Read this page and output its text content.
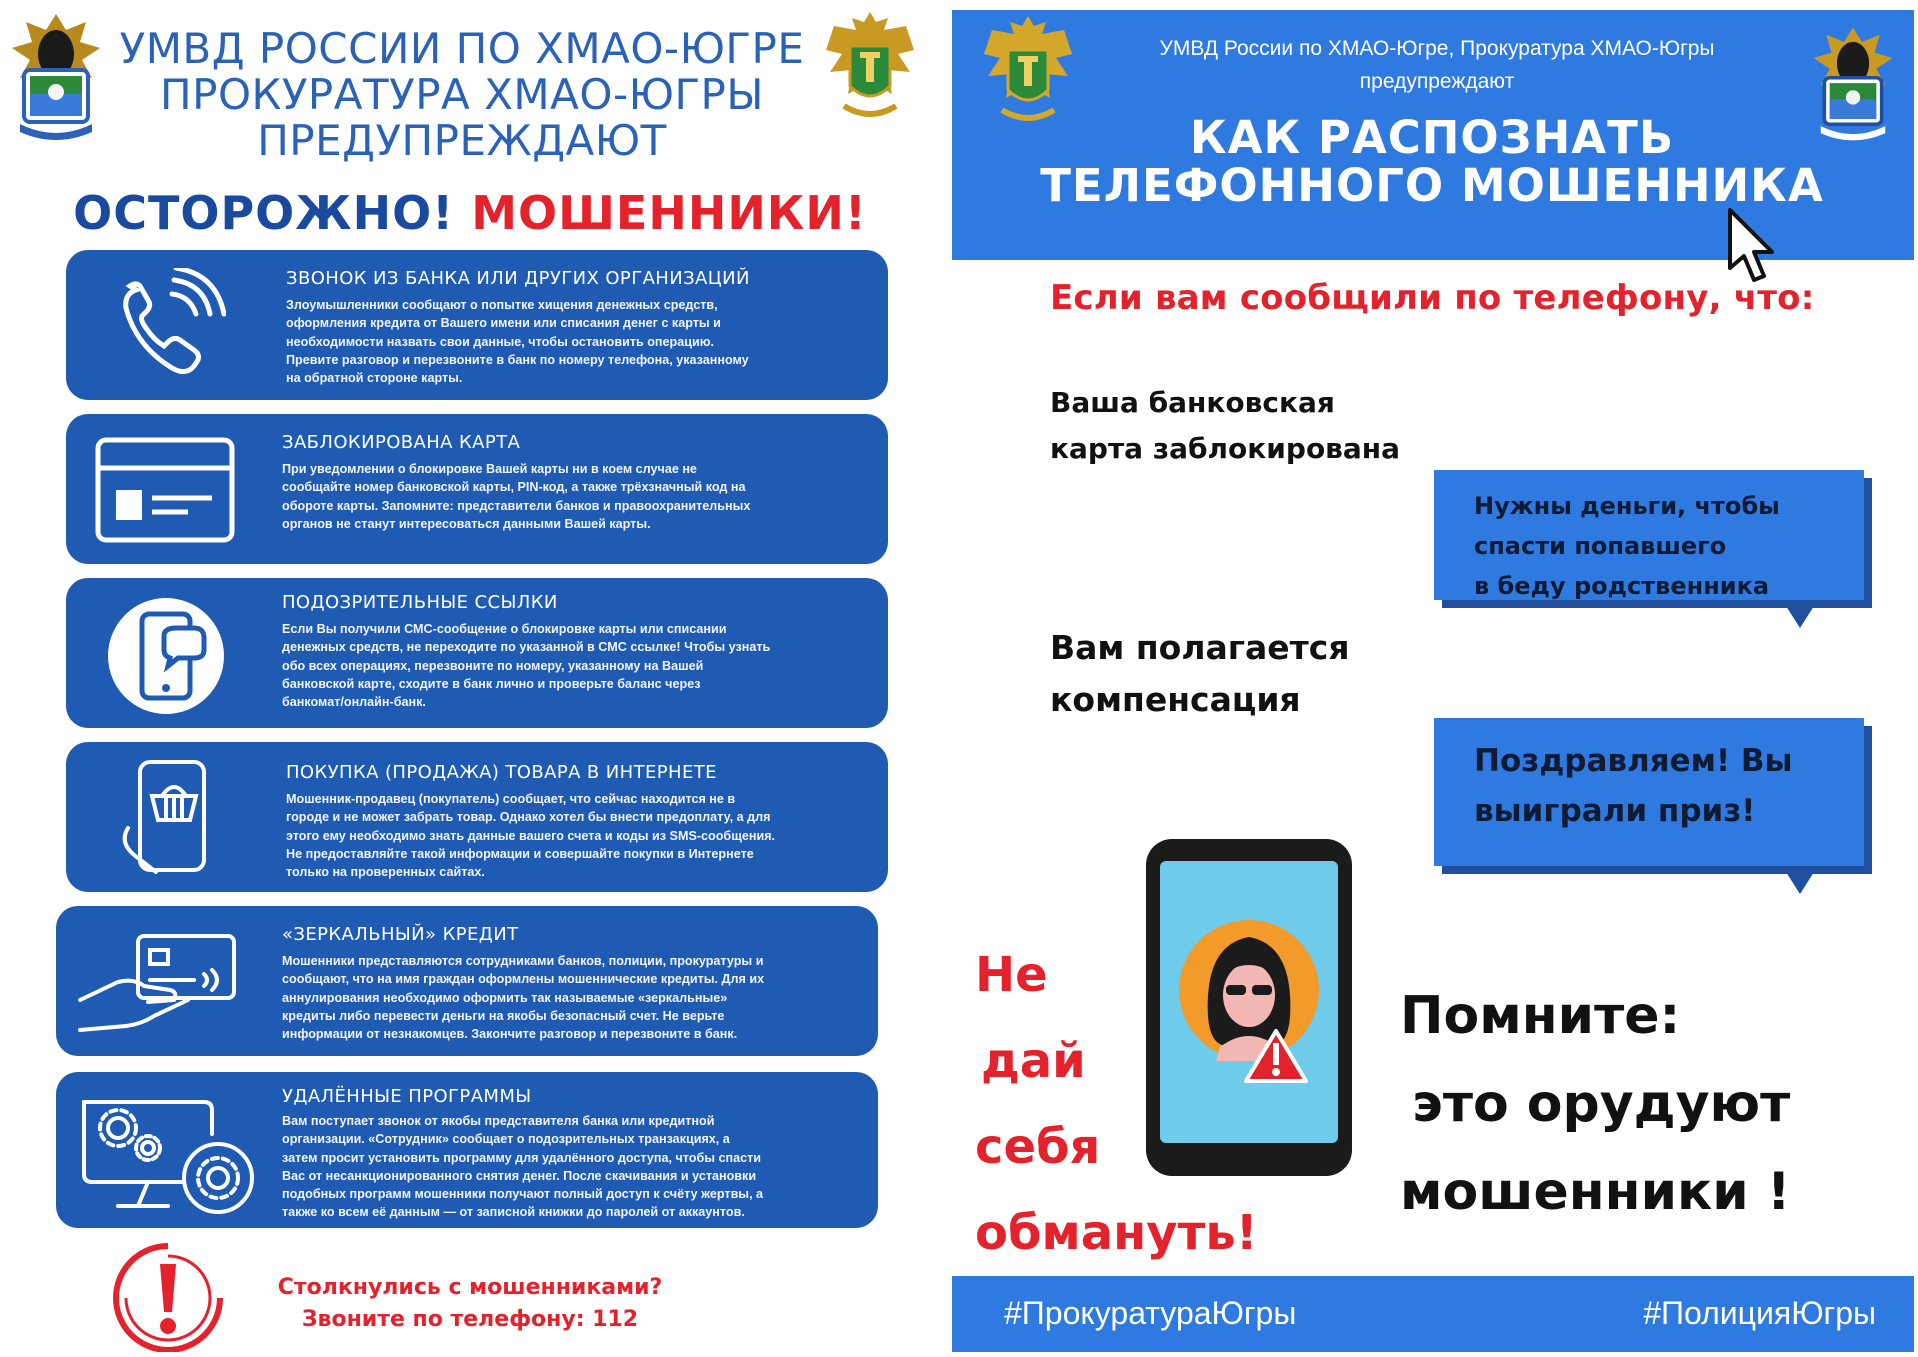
УМВД РОССИИ ПО ХМАО-ЮГРЕ
ПРОКУРАТУРА ХМАО-ЮГРЫ
ПРЕДУПРЕЖДАЮТ
ОСТОРОЖНО! МОШЕННИКИ!
ЗВОНОК ИЗ БАНКА ИЛИ ДРУГИХ ОРГАНИЗАЦИЙ
Злоумышленники сообщают о попытке хищения денежных средств,
оформления кредита от Вашего имени или списания денег с карты и
необходимости назвать свои данные, чтобы остановить операцию.
Превите разговор и перезвоните в банк по номеру телефона, указанному
на обратной стороне карты.
ЗАБЛОКИРОВАНА КАРТА
При уведомлении о блокировке Вашей карты ни в коем случае не
сообщайте номер банковской карты, PIN-код, а также трёхзначный код на
обороте карты. Запомните: представители банков и правоохранительных
органов не станут интересоваться данными Вашей карты.
ПОДОЗРИТЕЛЬНЫЕ ССЫЛКИ
Если Вы получили СМС-сообщение о блокировке карты или списании
денежных средств, не переходите по указанной в СМС ссылке! Чтобы узнать
обо всех операциях, перезвоните по номеру, указанному на Вашей
банковской карте, сходите в банк лично и проверьте баланс через
банкомат/онлайн-банк.
ПОКУПКА (ПРОДАЖА) ТОВАРА В ИНТЕРНЕТЕ
Мошенник-продавец (покупатель) сообщает, что сейчас находится не в
городе и не может забрать товар. Однако хотел бы внести предоплату, а для
этого ему необходимо знать данные вашего счета и коды из SMS-сообщения.
Не предоставляйте такой информации и совершайте покупки в Интернете
только на проверенных сайтах.
«ЗЕРКАЛЬНЫЙ» КРЕДИТ
Мошенники представляются сотрудниками банков, полиции, прокуратуры и
сообщают, что на имя граждан оформлены мошеннические кредиты. Для их
аннулирования необходимо оформить так называемые «зеркальные»
кредиты либо перевести деньги на якобы безопасный счет. Не верьте
информации от незнакомцев. Закончите разговор и перезвоните в банк.
УДАЛЁННЫЕ ПРОГРАММЫ
Вам поступает звонок от якобы представителя банка или кредитной
организации. «Сотрудник» сообщает о подозрительных транзакциях, а
затем просит установить программу для удалённого доступа, чтобы спасти
Вас от несанкционированного снятия денег. После скачивания и установки
подобных программ мошенники получают полный доступ к счёту жертвы, а
также ко всем её данным — от записной книжки до паролей от аккаунтов.
Столкнулись с мошенниками?
Звоните по телефону: 112
УМВД России по ХМАО-Югре, Прокуратура ХМАО-Югры
предупреждают
КАК РАСПОЗНАТЬ
ТЕЛЕФОННОГО МОШЕННИКА
Если вам сообщили по телефону, что:
Ваша банковская
карта заблокирована
Нужны деньги, чтобы
спасти попавшего
в беду родственника
Вам полагается
компенсация
Поздравляем! Вы
выиграли приз!
#ПрокуратураЮгры	#ПолицияЮгры
Не
дай
себя
обмануть!
Помните:
это орудуют
мошенники !
